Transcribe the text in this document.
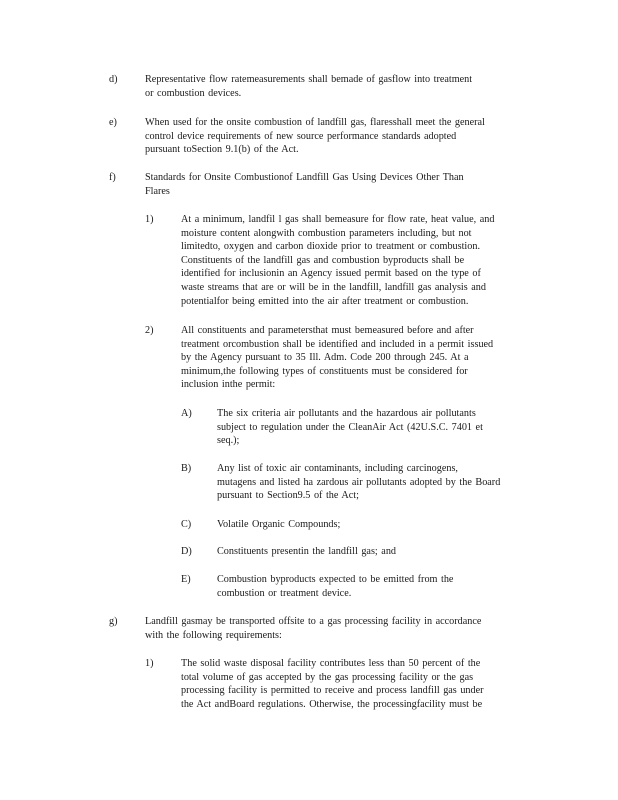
d)	Representative flow ratemeasurements shall bemade of gasflow into treatment
or combustion devices.
e)	When used for the onsite combustion of landfill gas, flaresshall meet the general
control device requirements of new source performance standards adopted
pursuant toSection 9.1(b) of the Act.
f)	Standards for Onsite Combustionof Landfill Gas Using Devices Other Than
Flares
1)	At a minimum, landfil l gas shall bemeasure for flow rate, heat value, and
moisture content alongwith combustion parameters including, but not
limitedto, oxygen and carbon dioxide prior to treatment or combustion.
Constituents of the landfill gas and combustion byproducts shall be
identified for inclusionin an Agency issued permit based on the type of
waste streams that are or will be in the landfill, landfill gas analysis and
potentialfor being emitted into the air after treatment or combustion.
2)	All constituents and parametersthat must bemeasured before and after
treatment orcombustion shall be identified and included in a permit issued
by the Agency pursuant to 35 Ill. Adm. Code 200 through 245. At a
minimum,the following types of constituents must be considered for
inclusion inthe permit:
A) The six criteria air pollutants and the hazardous air pollutants
subject to regulation under the CleanAir Act (42U.S.C. 7401 et
seq.);
B)	Any list of toxic air contaminants, including carcinogens,
mutagens and listed ha zardous air pollutants adopted by the Board
pursuant to Section9.5 of the Act;
C)	Volatile Organic Compounds;
D) Constituents presentin the landfill gas; and
E)	Combustion byproducts expected to be emitted from the
combustion or treatment device.
g)	Landfill gasmay be transported offsite to a gas processing facility in accordance
with the following requirements:
1)	The solid waste disposal facility contributes less than 50 percent of the
total volume of gas accepted by the gas processing facility or the gas
processing facility is permitted to receive and process landfill gas under
the Act andBoard regulations. Otherwise, the processingfacility must be
